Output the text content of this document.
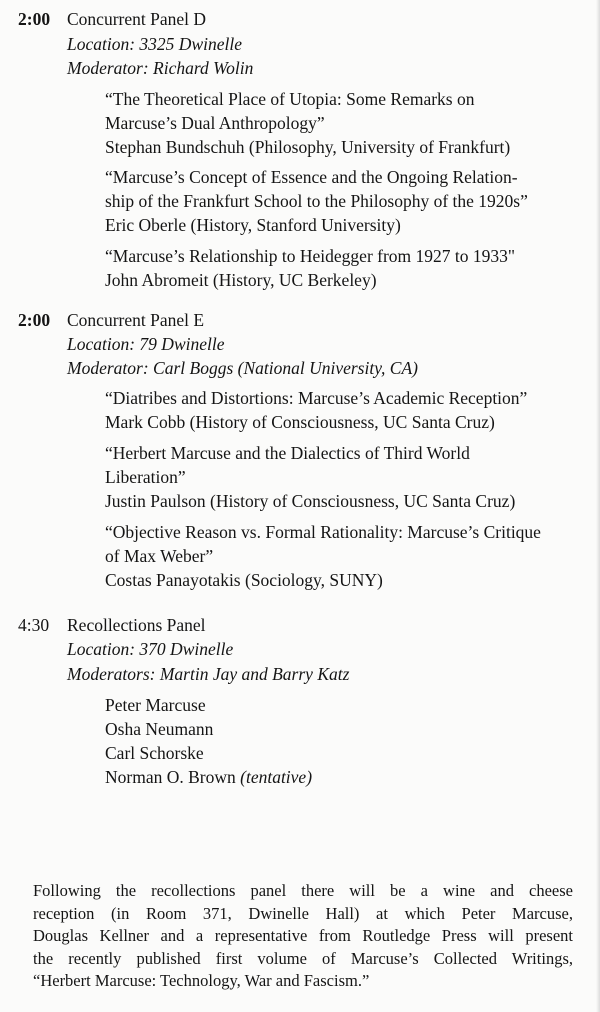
2:00 Concurrent Panel D
Location: 3325 Dwinelle
Moderator: Richard Wolin
“The Theoretical Place of Utopia: Some Remarks on
Marcuse’s Dual Anthropology”
Stephan Bundschuh (Philosophy, University of Frankfurt)
“Marcuse’s Concept of Essence and the Ongoing Relation-
ship of the Frankfurt School to the Philosophy of the 1920s”
Eric Oberle (History, Stanford University)
“Marcuse’s Relationship to Heidegger from 1927 to 1933"
John Abromeit (History, UC Berkeley)
2:00 Concurrent Panel E
Location: 79 Dwinelle
Moderator: Carl Boggs (National University, CA)
“Diatribes and Distortions: Marcuse’s Academic Reception”
Mark Cobb (History of Consciousness, UC Santa Cruz)
“Herbert Marcuse and the Dialectics of Third World
Liberation”
Justin Paulson (History of Consciousness, UC Santa Cruz)
“Objective Reason vs. Formal Rationality: Marcuse’s Critique
of Max Weber”
Costas Panayotakis (Sociology, SUNY)
4:30 Recollections Panel
Location: 370 Dwinelle
Moderators: Martin Jay and Barry Katz
Peter Marcuse
Osha Neumann
Carl Schorske
Norman O. Brown (tentative)
Following the recollections panel there will be a wine and cheese
reception (in Room 371, Dwinelle Hall) at which Peter Marcuse,
Douglas Kellner and a representative from Routledge Press will present
the recently published first volume of Marcuse’s Collected Writings,
“Herbert Marcuse: Technology, War and Fascism.”
